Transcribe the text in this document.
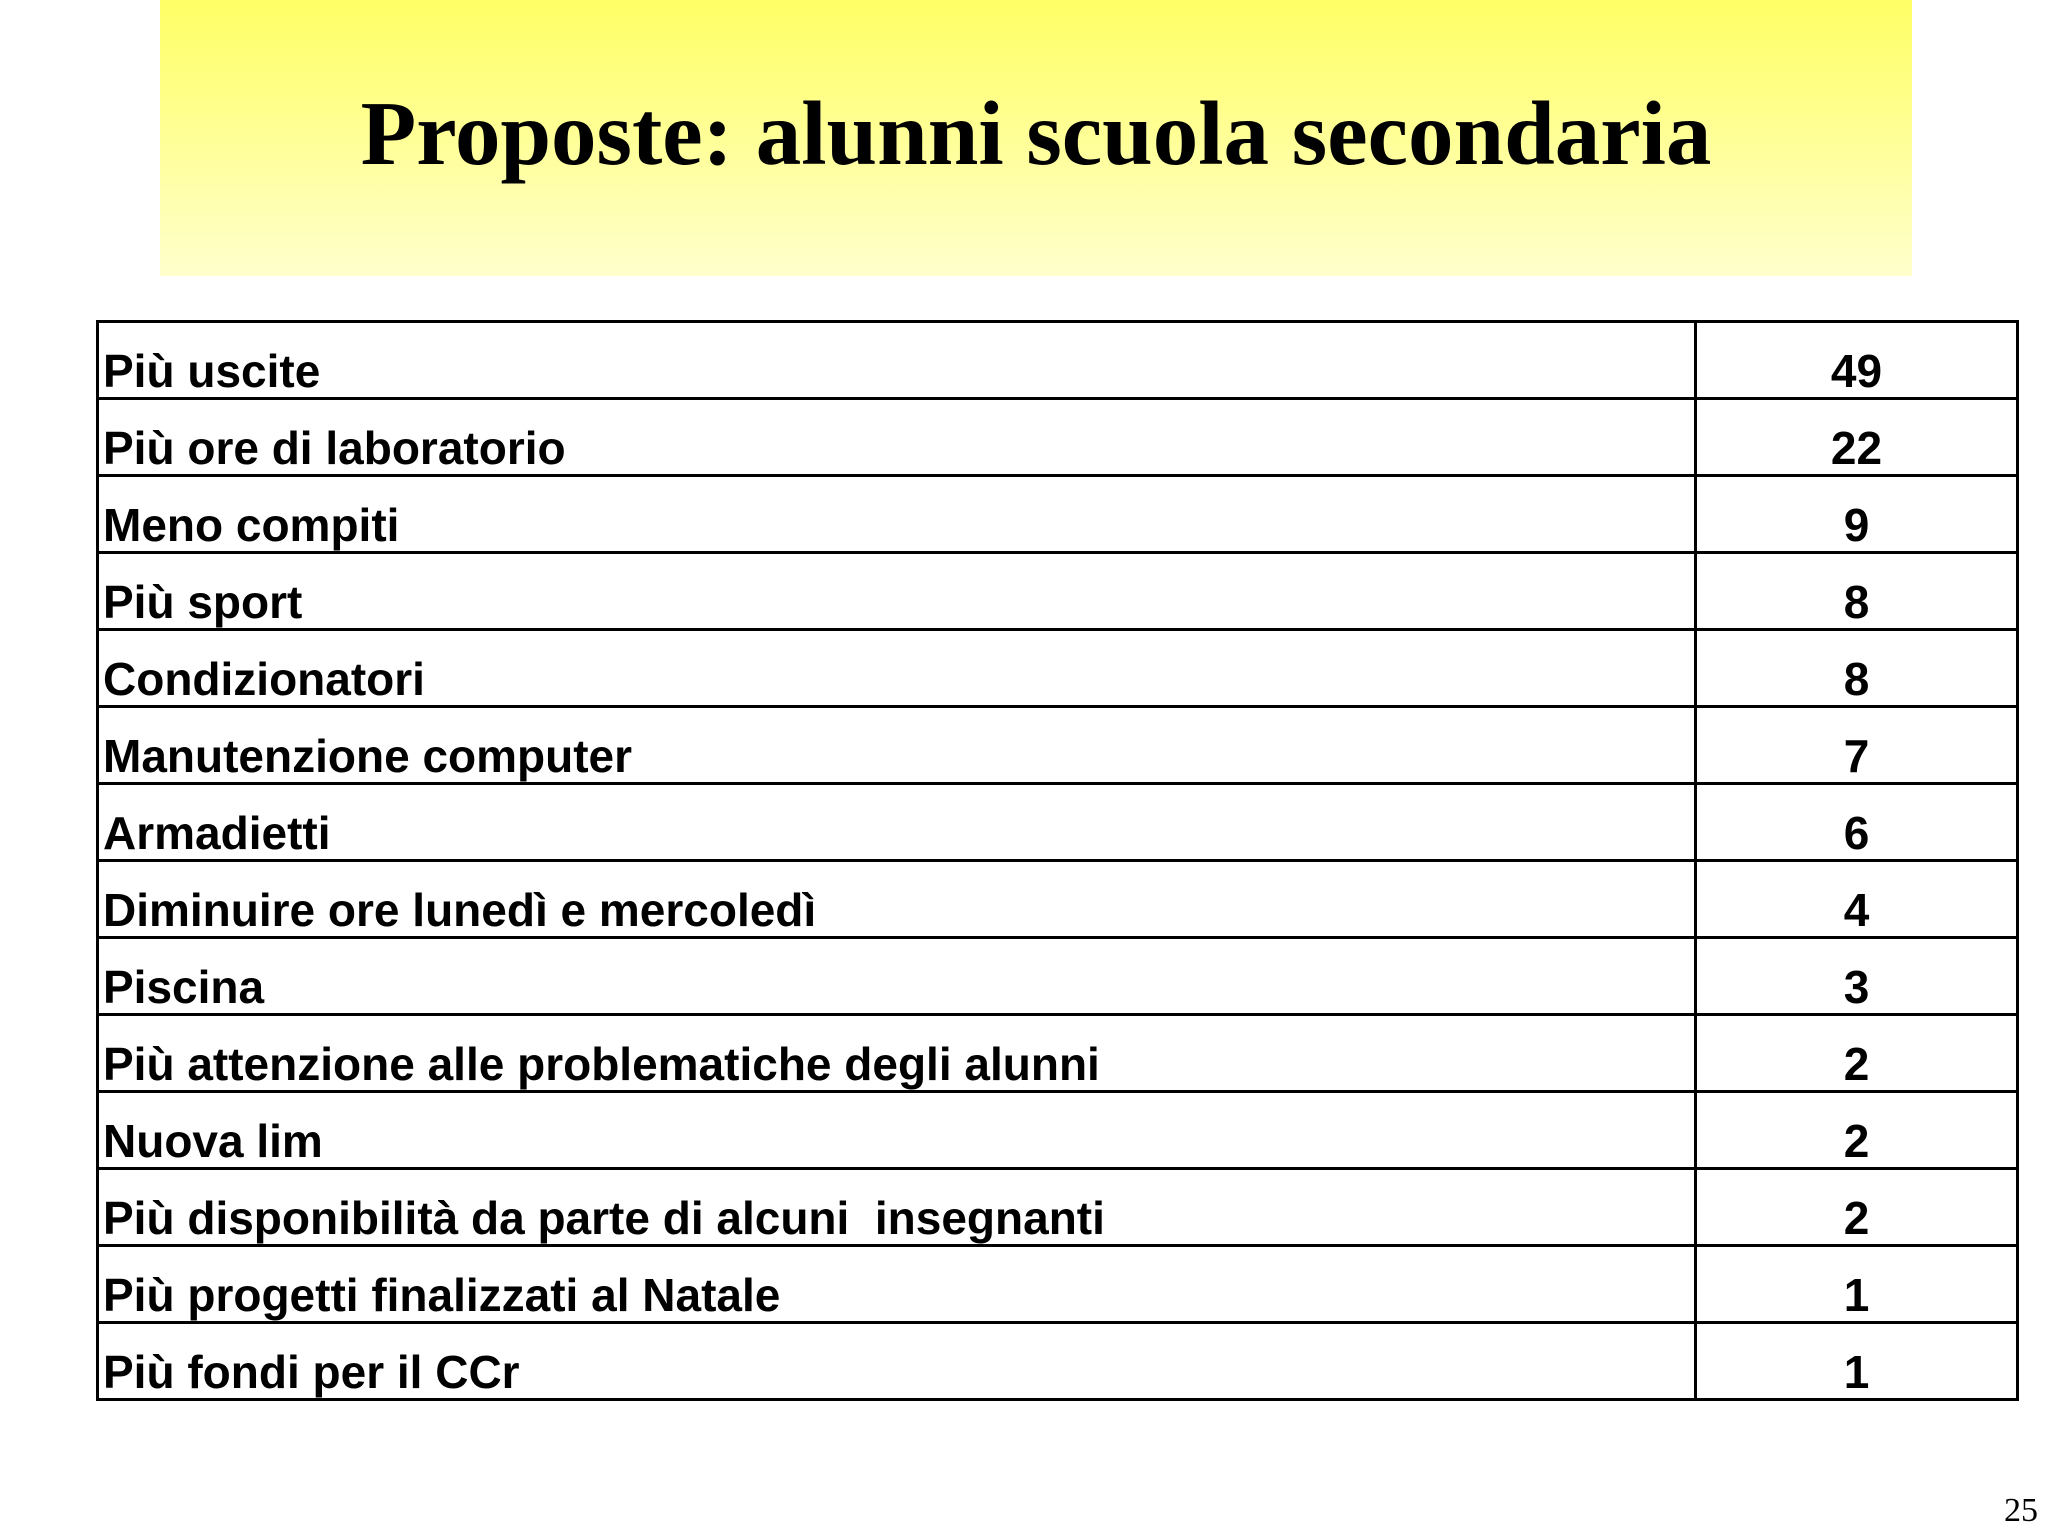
Proposte: alunni scuola secondaria
Più uscite	49

Più ore di laboratorio	22

Meno compiti	9

Più sport	8

Condizionatori	8

Manutenzione computer	7

Armadietti	6

Diminuire ore lunedì e mercoledì	4

Piscina	3

Più attenzione alle problematiche degli alunni	2

Nuova lim	2

Più disponibilità da parte di alcuni  insegnanti	2

Più progetti finalizzati al Natale	1

Più fondi per il CCr	1
25
